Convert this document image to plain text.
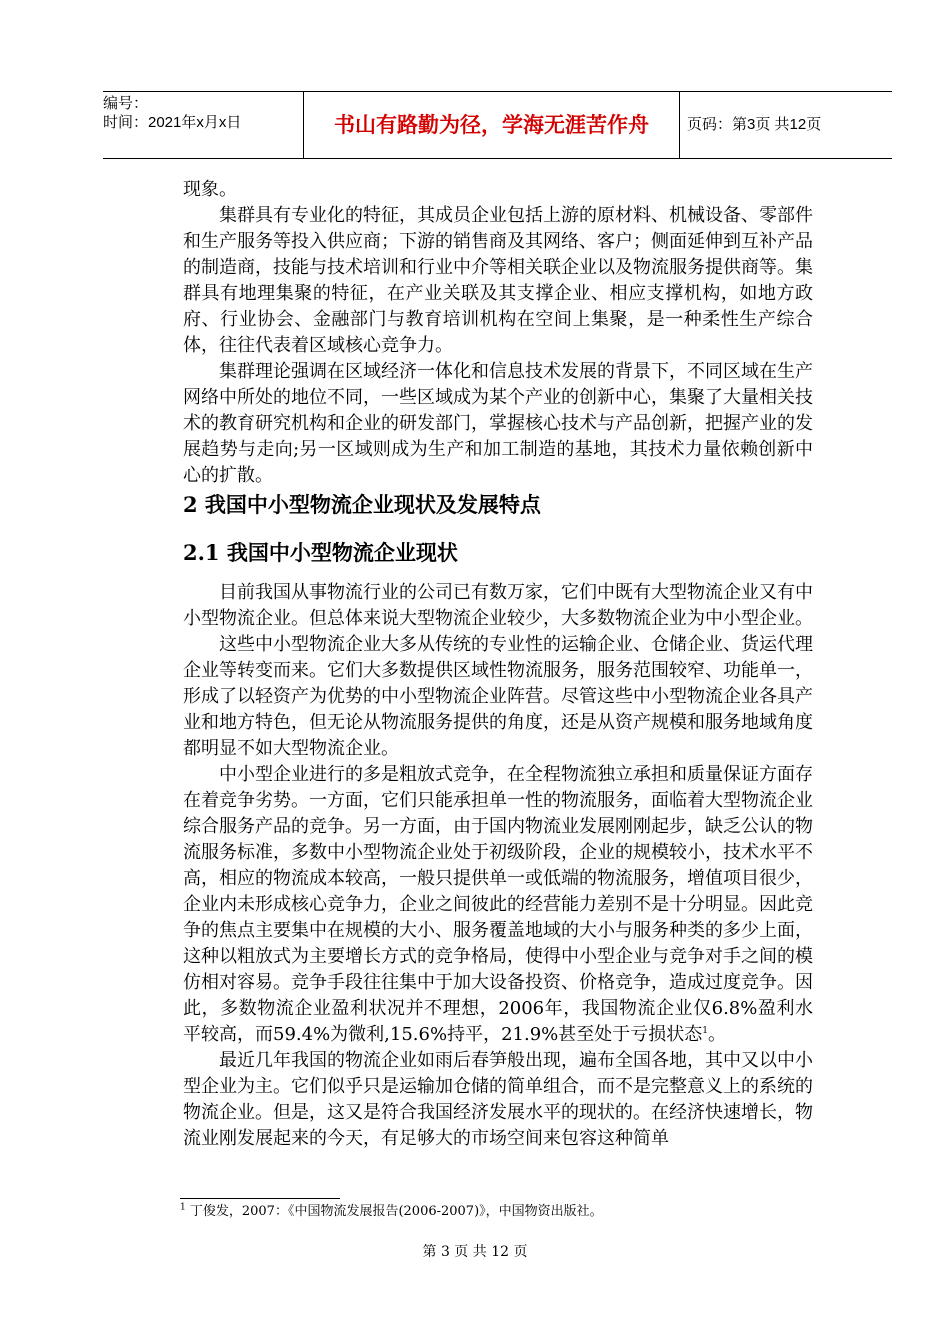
编号：
时间：2021年x月x日	书山有路勤为径，学海无涯苦作舟	页码：第3页 共12页

现象。

集群具有专业化的特征，其成员企业包括上游的原材料、机械设备、零部件和生产服务等投入供应商；下游的销售商及其网络、客户；侧面延伸到互补产品的制造商，技能与技术培训和行业中介等相关联企业以及物流服务提供商等。集群具有地理集聚的特征，在产业关联及其支撑企业、相应支撑机构，如地方政府、行业协会、金融部门与教育培训机构在空间上集聚，是一种柔性生产综合体，往往代表着区域核心竞争力。

集群理论强调在区域经济一体化和信息技术发展的背景下，不同区域在生产网络中所处的地位不同，一些区域成为某个产业的创新中心，集聚了大量相关技术的教育研究机构和企业的研发部门，掌握核心技术与产品创新，把握产业的发展趋势与走向;另一区域则成为生产和加工制造的基地，其技术力量依赖创新中心的扩散。

2 我国中小型物流企业现状及发展特点
2.1 我国中小型物流企业现状

目前我国从事物流行业的公司已有数万家，它们中既有大型物流企业又有中小型物流企业。但总体来说大型物流企业较少，大多数物流企业为中小型企业。

这些中小型物流企业大多从传统的专业性的运输企业、仓储企业、货运代理企业等转变而来。它们大多数提供区域性物流服务，服务范围较窄、功能单一，形成了以轻资产为优势的中小型物流企业阵营。尽管这些中小型物流企业各具产业和地方特色，但无论从物流服务提供的角度，还是从资产规模和服务地域角度都明显不如大型物流企业。

中小型企业进行的多是粗放式竞争，在全程物流独立承担和质量保证方面存在着竞争劣势。一方面，它们只能承担单一性的物流服务，面临着大型物流企业综合服务产品的竞争。另一方面，由于国内物流业发展刚刚起步，缺乏公认的物流服务标准，多数中小型物流企业处于初级阶段，企业的规模较小，技术水平不高，相应的物流成本较高，一般只提供单一或低端的物流服务，增值项目很少，企业内未形成核心竞争力，企业之间彼此的经营能力差别不是十分明显。因此竞争的焦点主要集中在规模的大小、服务覆盖地域的大小与服务种类的多少上面，这种以粗放式为主要增长方式的竞争格局，使得中小型企业与竞争对手之间的模仿相对容易。竞争手段往往集中于加大设备投资、价格竞争，造成过度竞争。因此，多数物流企业盈利状况并不理想，2006年，我国物流企业仅6.8%盈利水平较高，而59.4%为微利,15.6%持平，21.9%甚至处于亏损状态$^1$。

最近几年我国的物流企业如雨后春笋般出现，遍布全国各地，其中又以中小型企业为主。它们似乎只是运输加仓储的简单组合，而不是完整意义上的系统的物流企业。但是，这又是符合我国经济发展水平的现状的。在经济快速增长，物流业刚发展起来的今天，有足够大的市场空间来包容这种简单

$^1$ 丁俊发，2007：《中国物流发展报告(2006-2007)》，中国物资出版社。
第 3 页 共 12 页
